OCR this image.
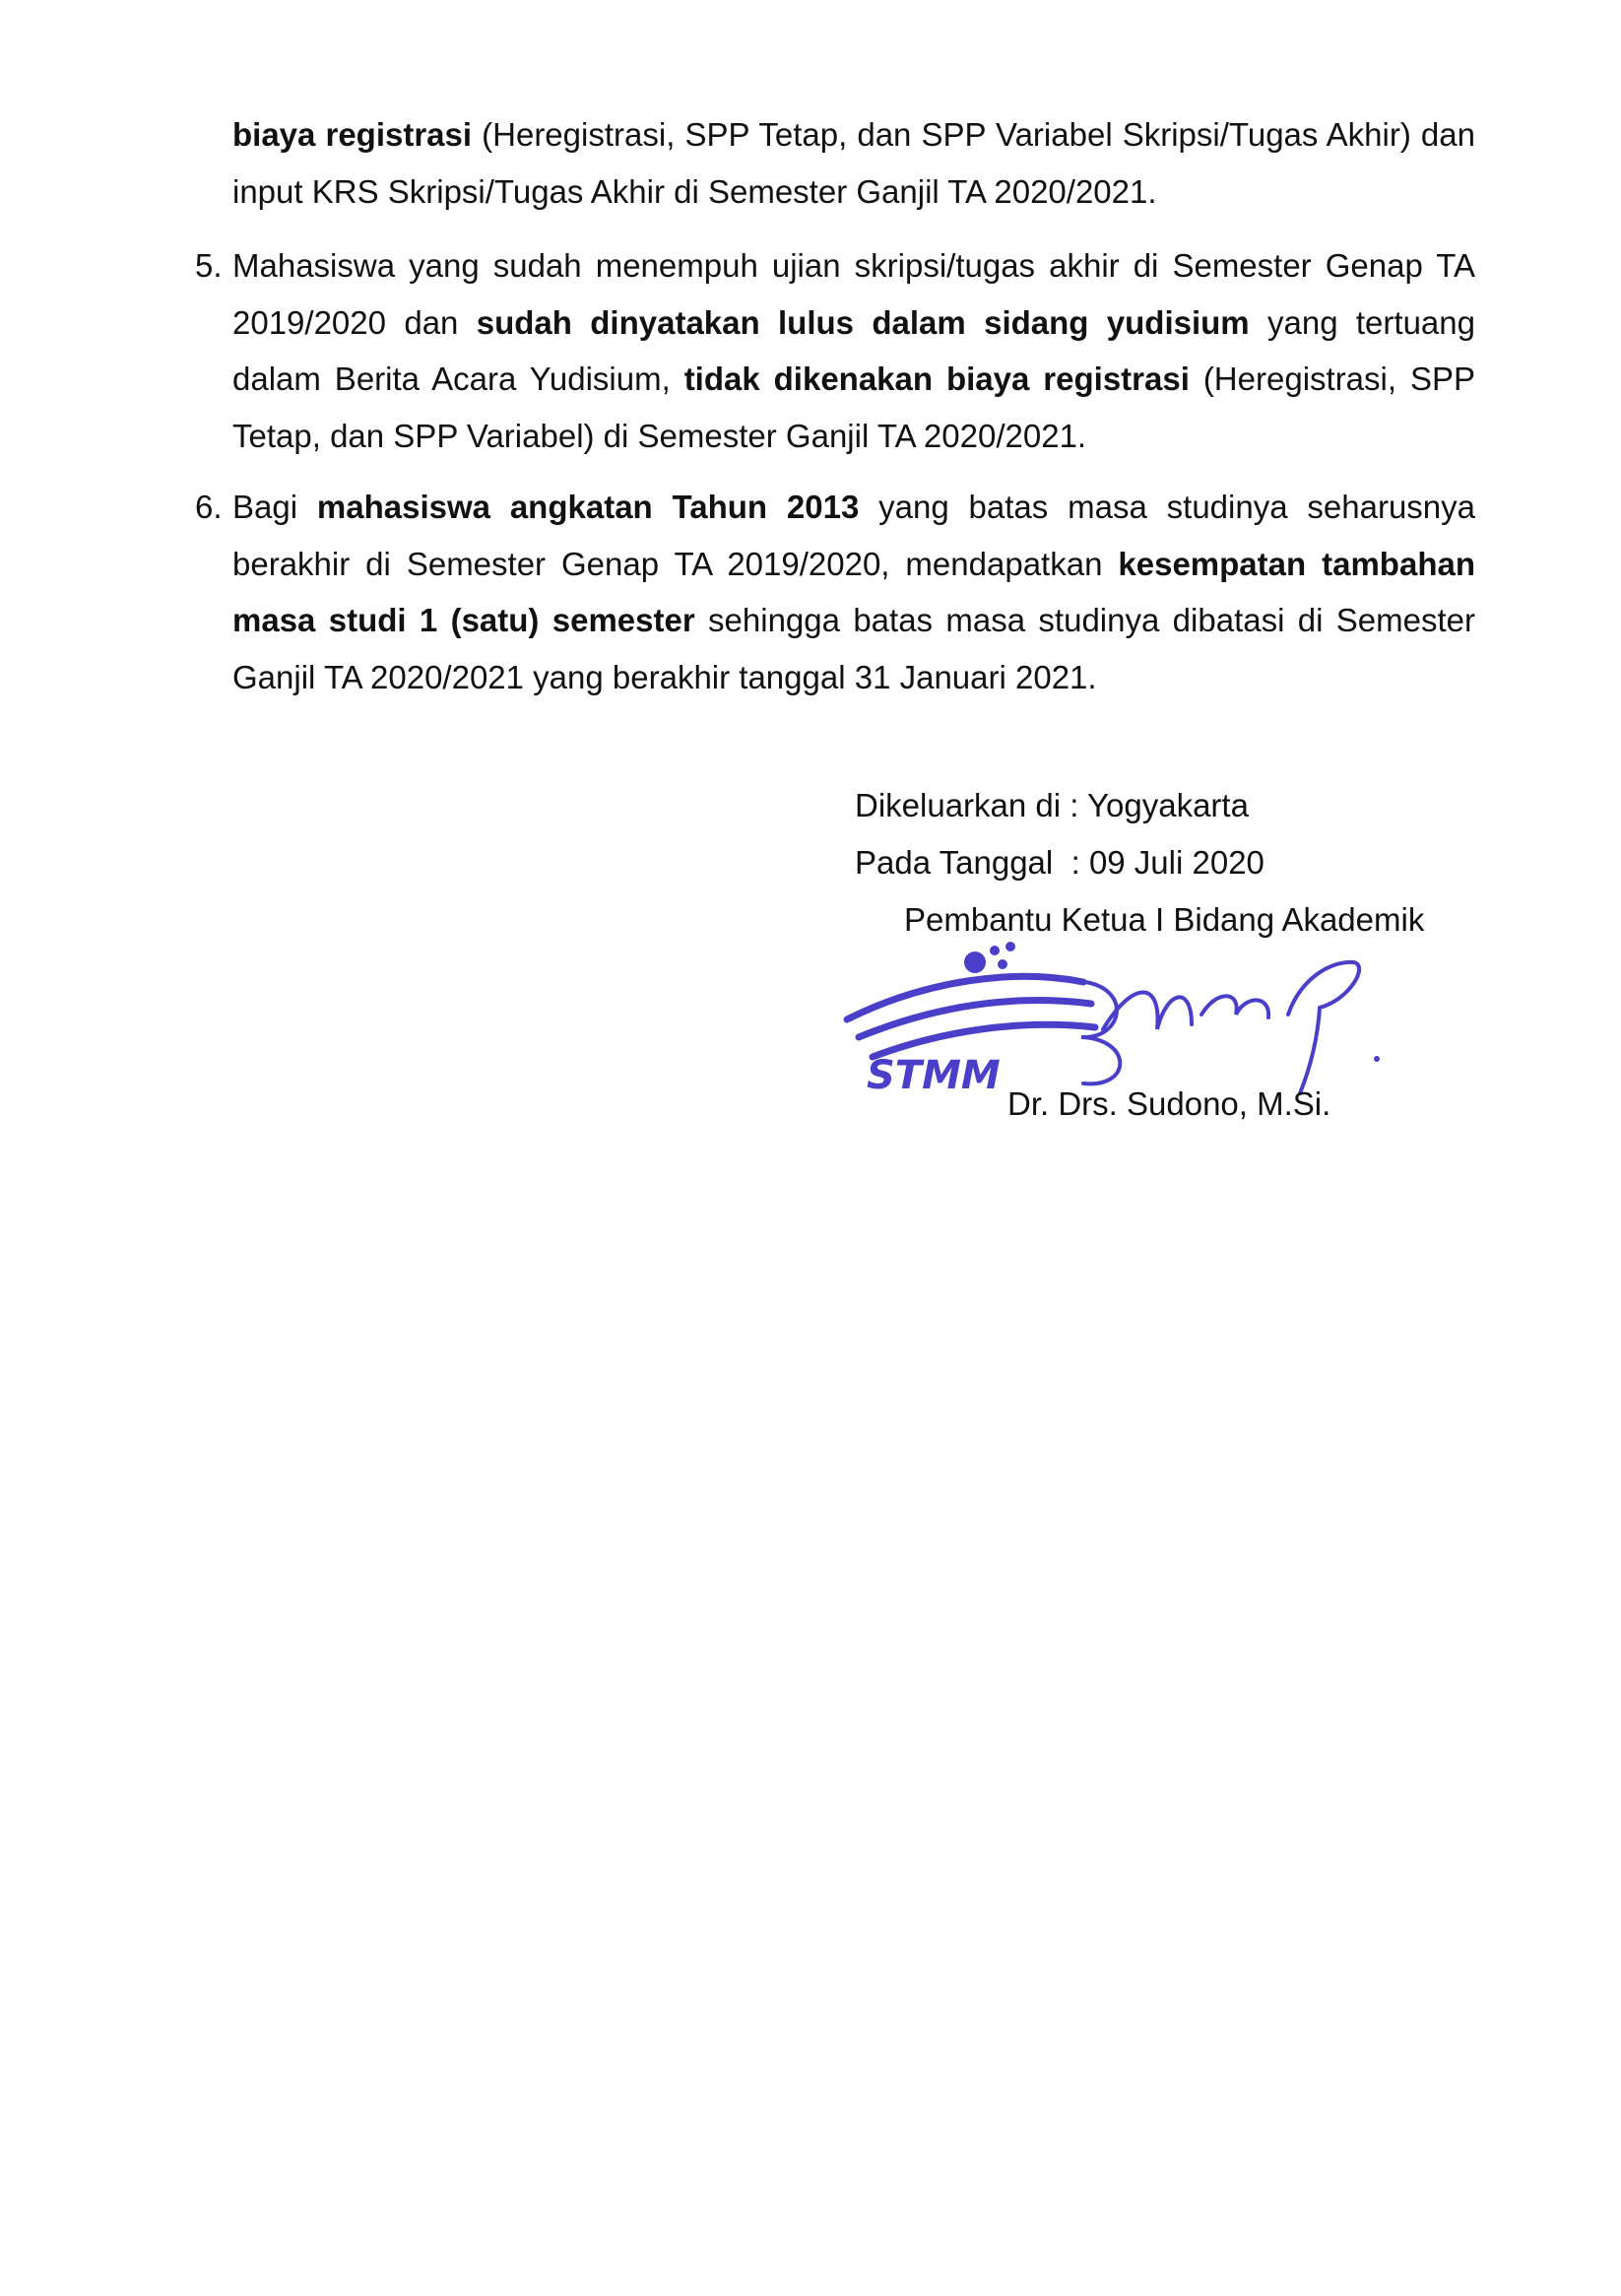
biaya registrasi (Heregistrasi, SPP Tetap, dan SPP Variabel Skripsi/Tugas Akhir) dan input KRS Skripsi/Tugas Akhir di Semester Ganjil TA 2020/2021.

5. Mahasiswa yang sudah menempuh ujian skripsi/tugas akhir di Semester Genap TA 2019/2020 dan sudah dinyatakan lulus dalam sidang yudisium yang tertuang dalam Berita Acara Yudisium, tidak dikenakan biaya registrasi (Heregistrasi, SPP Tetap, dan SPP Variabel) di Semester Ganjil TA 2020/2021.

6. Bagi mahasiswa angkatan Tahun 2013 yang batas masa studinya seharusnya berakhir di Semester Genap TA 2019/2020, mendapatkan kesempatan tambahan masa studi 1 (satu) semester sehingga batas masa studinya dibatasi di Semester Ganjil TA 2020/2021 yang berakhir tanggal 31 Januari 2021.

Dikeluarkan di : Yogyakarta
Pada Tanggal  : 09 Juli 2020
Pembantu Ketua I Bidang Akademik
STMM
Dr. Drs. Sudono, M.Si.
